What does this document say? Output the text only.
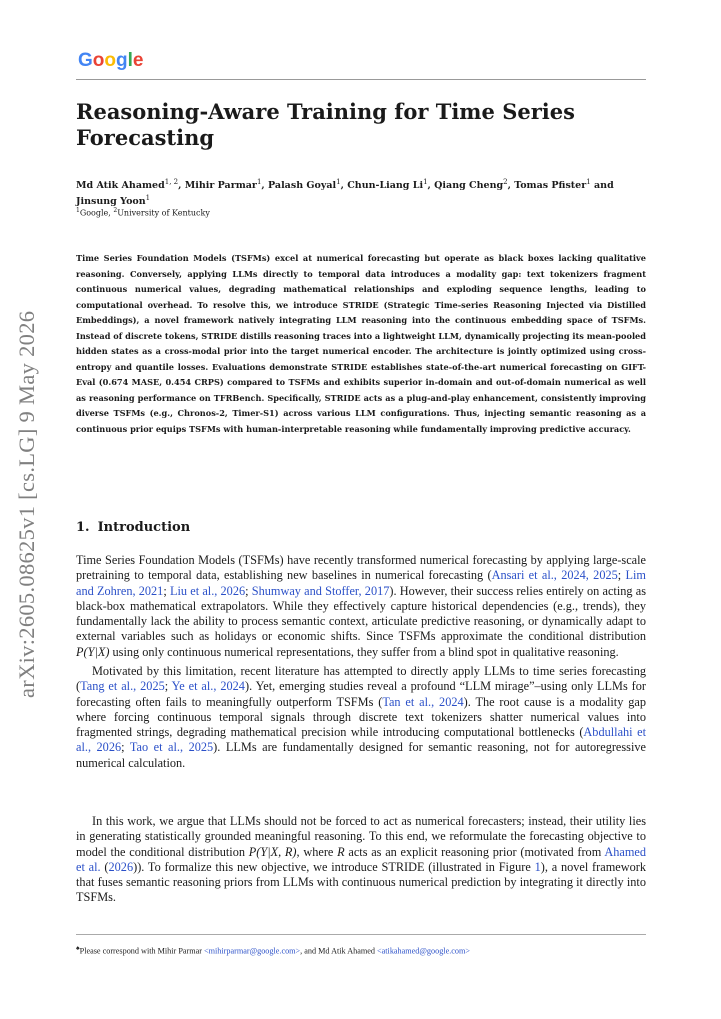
Google
arXiv:2605.08625v1 [cs.LG] 9 May 2026
Reasoning-Aware Training for Time Series Forecasting

Md Atik Ahamed$^{1, 2}$, Mihir Parmar$^1$, Palash Goyal$^1$, Chun-Liang Li$^1$, Qiang Cheng$^2$, Tomas Pfister$^1$ and Jinsung Yoon$^1$

$^1$Google, $^2$University of Kentucky

Time Series Foundation Models (TSFMs) excel at numerical forecasting but operate as black boxes lacking qualitative reasoning. Conversely, applying LLMs directly to temporal data introduces a modality gap: text tokenizers fragment continuous numerical values, degrading mathematical relationships and exploding sequence lengths, leading to computational overhead. To resolve this, we introduce STRIDE (Strategic Time-series Reasoning Injected via Distilled Embeddings), a novel framework natively integrating LLM reasoning into the continuous embedding space of TSFMs. Instead of discrete tokens, STRIDE distills reasoning traces into a lightweight LLM, dynamically projecting its mean-pooled hidden states as a cross-modal prior into the target numerical encoder. The architecture is jointly optimized using cross-entropy and quantile losses. Evaluations demonstrate STRIDE establishes state-of-the-art numerical forecasting on GIFT-Eval (0.674 MASE, 0.454 CRPS) compared to TSFMs and exhibits superior in-domain and out-of-domain numerical as well as reasoning performance on TFRBench. Specifically, STRIDE acts as a plug-and-play enhancement, consistently improving diverse TSFMs (e.g., Chronos-2, Timer-S1) across various LLM configurations. Thus, injecting semantic reasoning as a continuous prior equips TSFMs with human-interpretable reasoning while fundamentally improving predictive accuracy.

1. Introduction

Time Series Foundation Models (TSFMs) have recently transformed numerical forecasting by applying large-scale pretraining to temporal data, establishing new baselines in numerical forecasting (Ansari et al., 2024, 2025; Lim and Zohren, 2021; Liu et al., 2026; Shumway and Stoffer, 2017). However, their success relies entirely on acting as black-box mathematical extrapolators. While they effectively capture historical dependencies (e.g., trends), they fundamentally lack the ability to process semantic context, articulate predictive reasoning, or dynamically adapt to external variables such as holidays or economic shifts. Since TSFMs approximate the conditional distribution P(Y|X) using only continuous numerical representations, they suffer from a blind spot in qualitative reasoning.

Motivated by this limitation, recent literature has attempted to directly apply LLMs to time series forecasting (Tang et al., 2025; Ye et al., 2024). Yet, emerging studies reveal a profound “LLM mirage”–using only LLMs for forecasting often fails to meaningfully outperform TSFMs (Tan et al., 2024). The root cause is a modality gap where forcing continuous temporal signals through discrete text tokenizers shatter numerical values into fragmented strings, degrading mathematical precision while introducing computational bottlenecks (Abdullahi et al., 2026; Tao et al., 2025). LLMs are fundamentally designed for semantic reasoning, not for autoregressive numerical calculation.

In this work, we argue that LLMs should not be forced to act as numerical forecasters; instead, their utility lies in generating statistically grounded meaningful reasoning. To this end, we reformulate the forecasting objective to model the conditional distribution P(Y|X, R), where R acts as an explicit reasoning prior (motivated from Ahamed et al. (2026)). To formalize this new objective, we introduce STRIDE (illustrated in Figure 1), a novel framework that fuses semantic reasoning priors from LLMs with continuous numerical prediction by integrating it directly into TSFMs.

♠Please correspond with Mihir Parmar <mihirparmar@google.com>, and Md Atik Ahamed <atikahamed@google.com>
